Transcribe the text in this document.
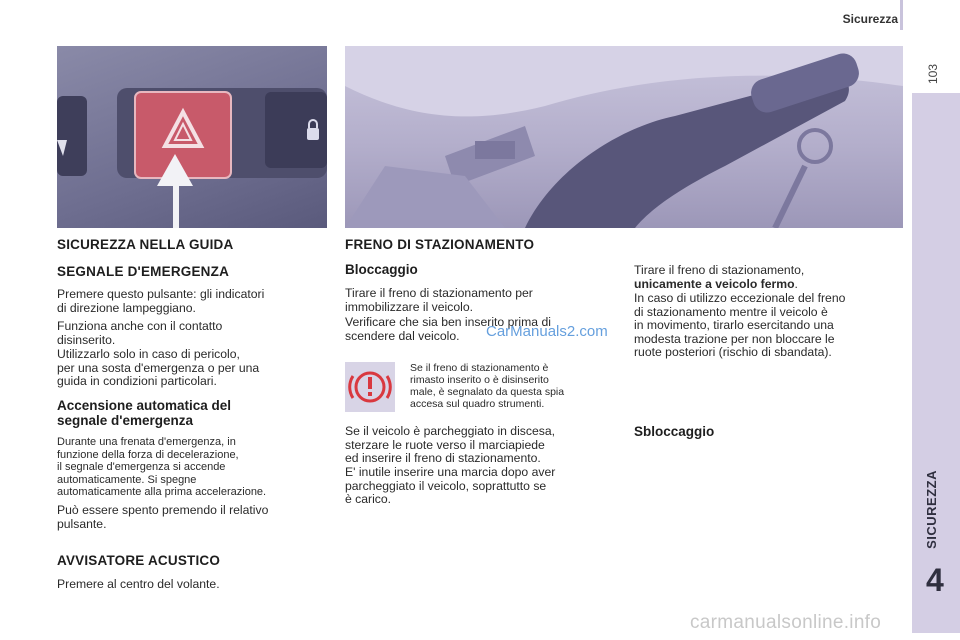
Sicurezza
103
SICUREZZA
4
SICUREZZA NELLA GUIDA
SEGNALE D'EMERGENZA
Premere questo pulsante: gli indicatori
di direzione lampeggiano.
Funziona anche con il contatto
disinserito.
Utilizzarlo solo in caso di pericolo,
per una sosta d'emergenza o per una
guida in condizioni particolari.
Accensione automatica del
segnale d'emergenza
Durante una frenata d'emergenza, in
funzione della forza di decelerazione,
il segnale d'emergenza si accende
automaticamente. Si spegne
automaticamente alla prima accelerazione.
Può essere spento premendo il relativo
pulsante.
AVVISATORE ACUSTICO
Premere al centro del volante.
FRENO DI STAZIONAMENTO
Bloccaggio
Tirare il freno di stazionamento per
immobilizzare il veicolo.
Verificare che sia ben inserito prima di
scendere dal veicolo.
Se il freno di stazionamento è
rimasto inserito o è disinserito
male, è segnalato da questa spia
accesa sul quadro strumenti.
Se il veicolo è parcheggiato in discesa,
sterzare le ruote verso il marciapiede
ed inserire il freno di stazionamento.
E' inutile inserire una marcia dopo aver
parcheggiato il veicolo, soprattutto se
è carico.
Tirare il freno di stazionamento,
unicamente a veicolo fermo.
In caso di utilizzo eccezionale del freno
di stazionamento mentre il veicolo è
in movimento, tirarlo esercitando una
modesta trazione per non bloccare le
ruote posteriori (rischio di sbandata).
Sbloccaggio
CarManuals2.com
carmanualsonline.info
